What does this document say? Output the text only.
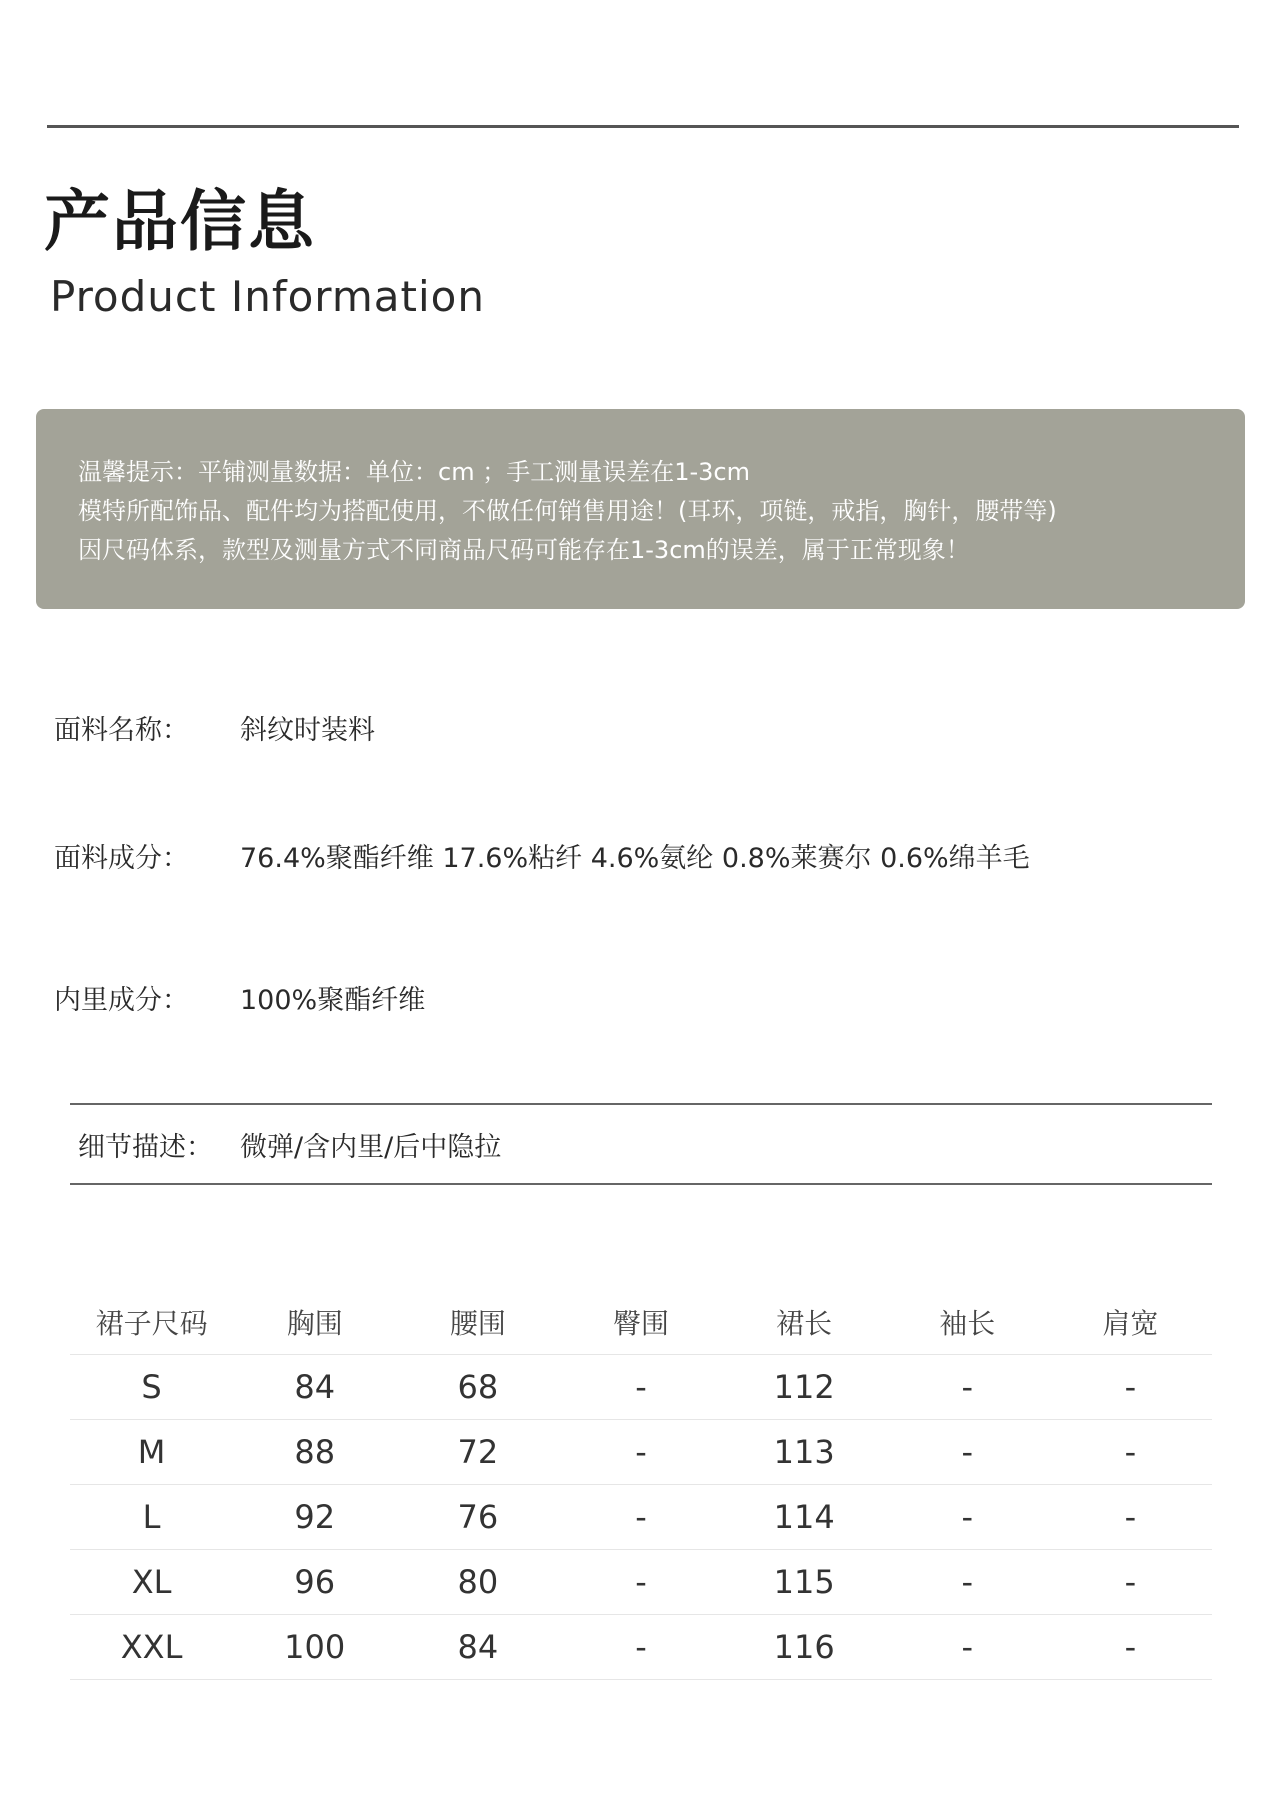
产品信息
Product Information
温馨提示：平铺测量数据：单位：cm ；手工测量误差在1-3cm
模特所配饰品、配件均为搭配使用，不做任何销售用途！(耳环，项链，戒指，胸针，腰带等)
因尺码体系，款型及测量方式不同商品尺码可能存在1-3cm的误差，属于正常现象！
面料名称： 斜纹时装料
面料成分： 76.4%聚酯纤维 17.6%粘纤 4.6%氨纶 0.8%莱赛尔 0.6%绵羊毛
内里成分： 100%聚酯纤维
细节描述： 微弹/含内里/后中隐拉
裙子尺码	胸围	腰围	臀围	裙长	袖长	肩宽
S	84	68	-	112	-	-
M	88	72	-	113	-	-
L	92	76	-	114	-	-
XL	96	80	-	115	-	-
XXL	100	84	-	116	-	-
